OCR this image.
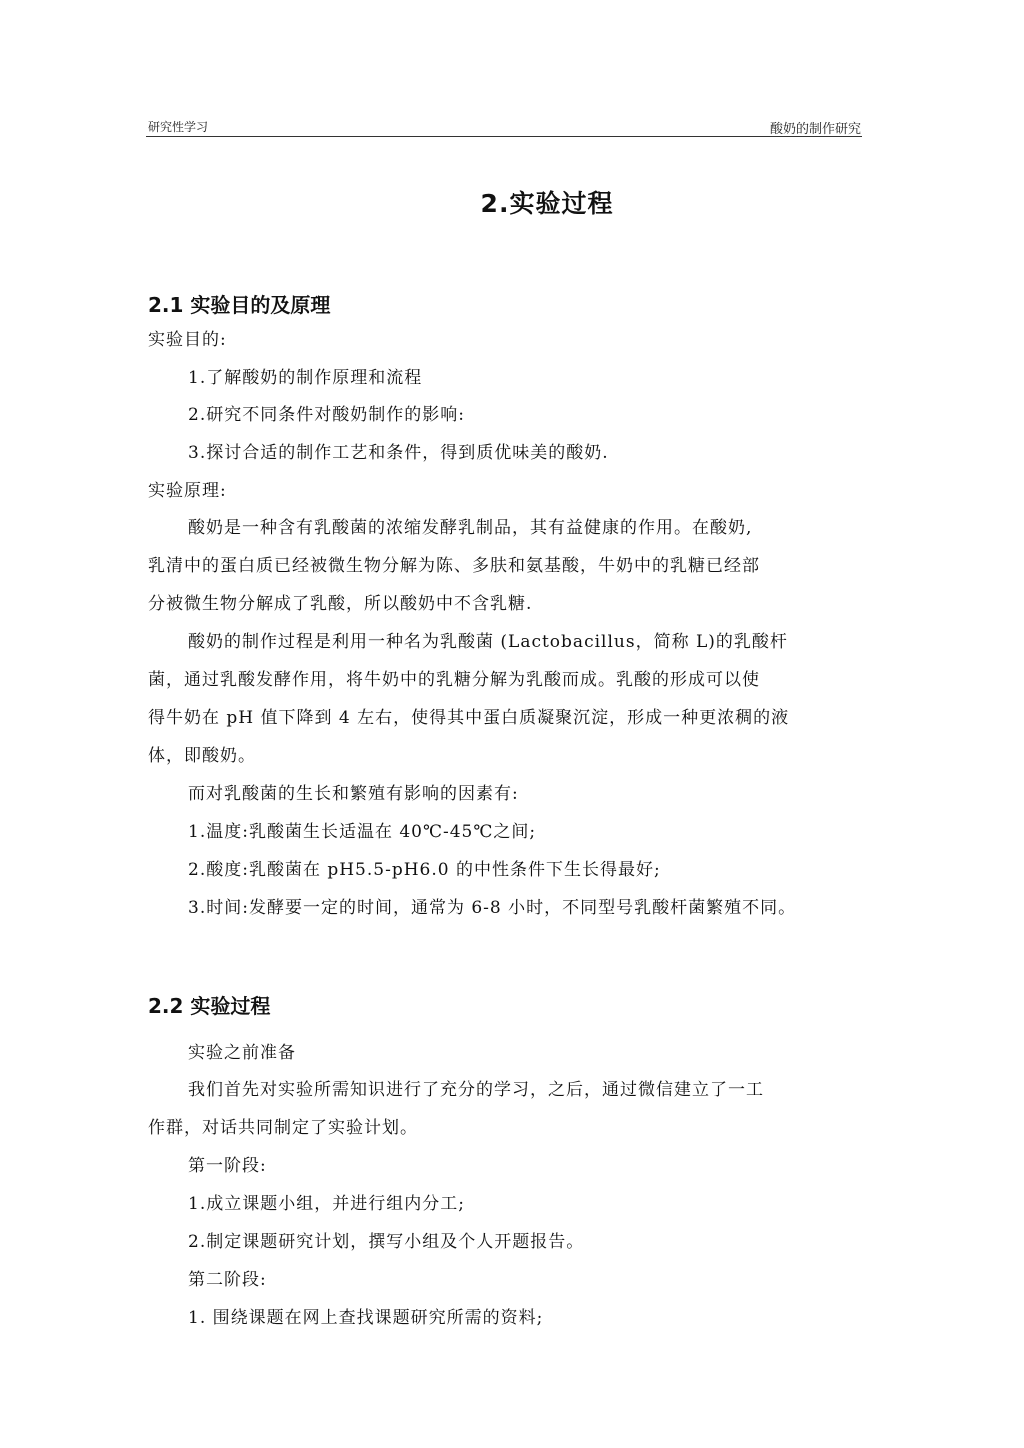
研究性学习	酸奶的制作研究
2.实验过程
2.1 实验目的及原理
实验目的:
1.了解酸奶的制作原理和流程
2.研究不同条件对酸奶制作的影响:
3.探讨合适的制作工艺和条件，得到质优味美的酸奶.
实验原理:
酸奶是一种含有乳酸菌的浓缩发酵乳制品，其有益健康的作用。在酸奶,
乳清中的蛋白质已经被微生物分解为陈、多肤和氨基酸，牛奶中的乳糖已经部
分被微生物分解成了乳酸，所以酸奶中不含乳糖.
酸奶的制作过程是利用一种名为乳酸菌 (Lactobacillus，简称 L)的乳酸杆
菌，通过乳酸发酵作用，将牛奶中的乳糖分解为乳酸而成。乳酸的形成可以使
得牛奶在 pH 值下降到 4 左右，使得其中蛋白质凝聚沉淀，形成一种更浓稠的液
体，即酸奶。
而对乳酸菌的生长和繁殖有影响的因素有:
1.温度:乳酸菌生长适温在 40℃-45℃之间;
2.酸度:乳酸菌在 pH5.5-pH6.0 的中性条件下生长得最好;
3.时间:发酵要一定的时间，通常为 6-8 小时，不同型号乳酸杆菌繁殖不同。
2.2 实验过程
实验之前准备
我们首先对实验所需知识进行了充分的学习，之后，通过微信建立了一工
作群，对话共同制定了实验计划。
第一阶段:
1.成立课题小组，并进行组内分工;
2.制定课题研究计划，撰写小组及个人开题报告。
第二阶段:
1. 围绕课题在网上查找课题研究所需的资料;
